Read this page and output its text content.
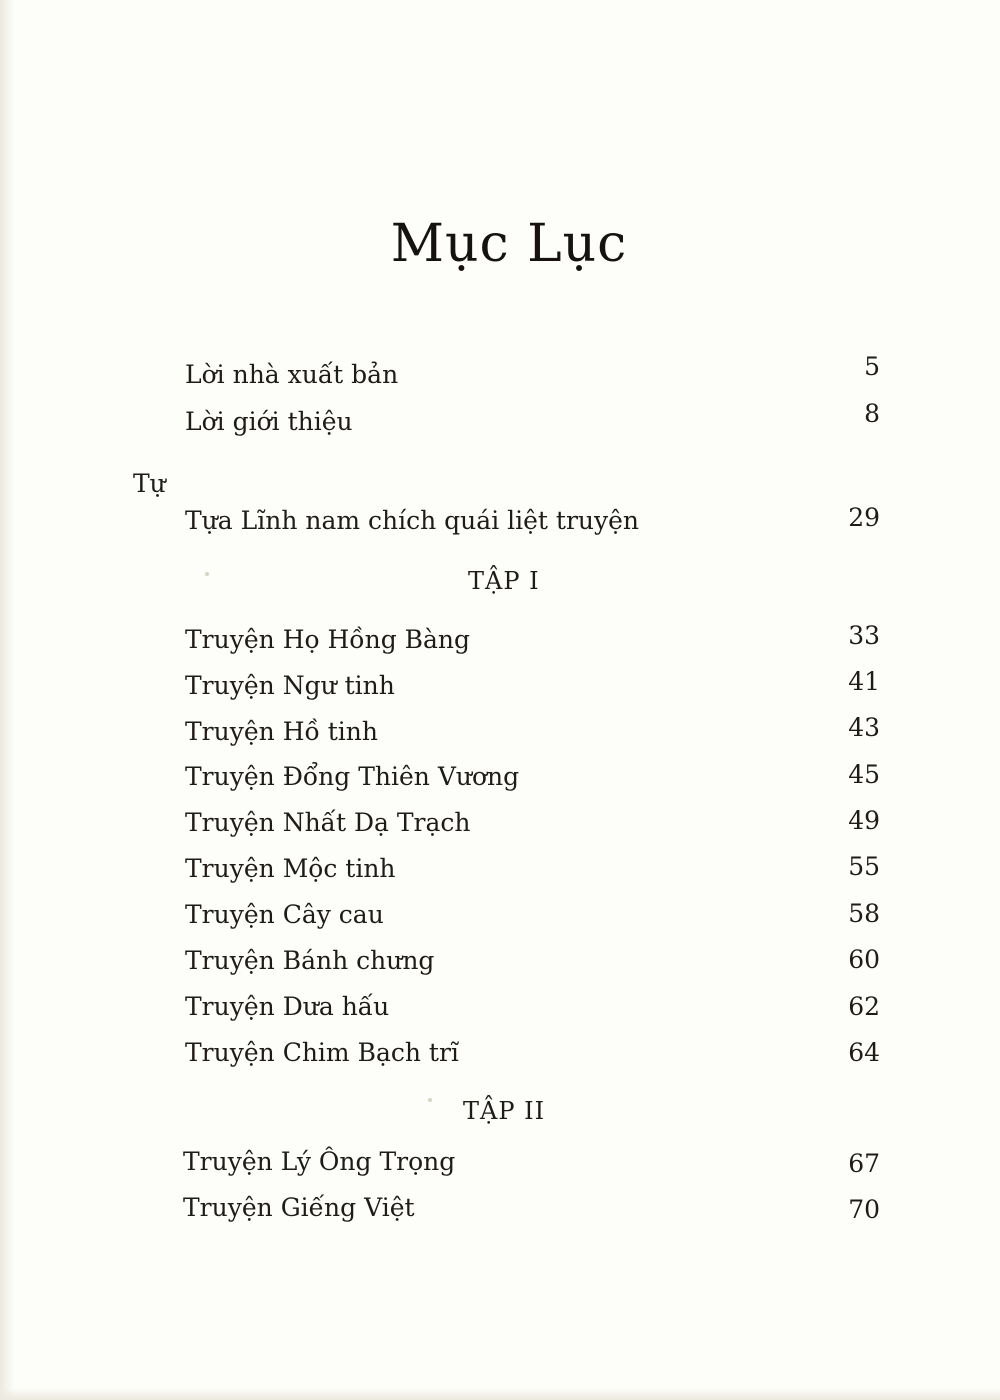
Mục Lục
Lời nhà xuất bản	5
Lời giới thiệu	8
Tự
Tựa Lĩnh nam chích quái liệt truyện	29
TẬP I
Truyện Họ Hồng Bàng	33
Truyện Ngư tinh	41
Truyện Hồ tinh	43
Truyện Đổng Thiên Vương	45
Truyện Nhất Dạ Trạch	49
Truyện Mộc tinh	55
Truyện Cây cau	58
Truyện Bánh chưng	60
Truyện Dưa hấu	62
Truyện Chim Bạch trĩ	64
TẬP II
Truyện Lý Ông Trọng	67
Truyện Giếng Việt	70
